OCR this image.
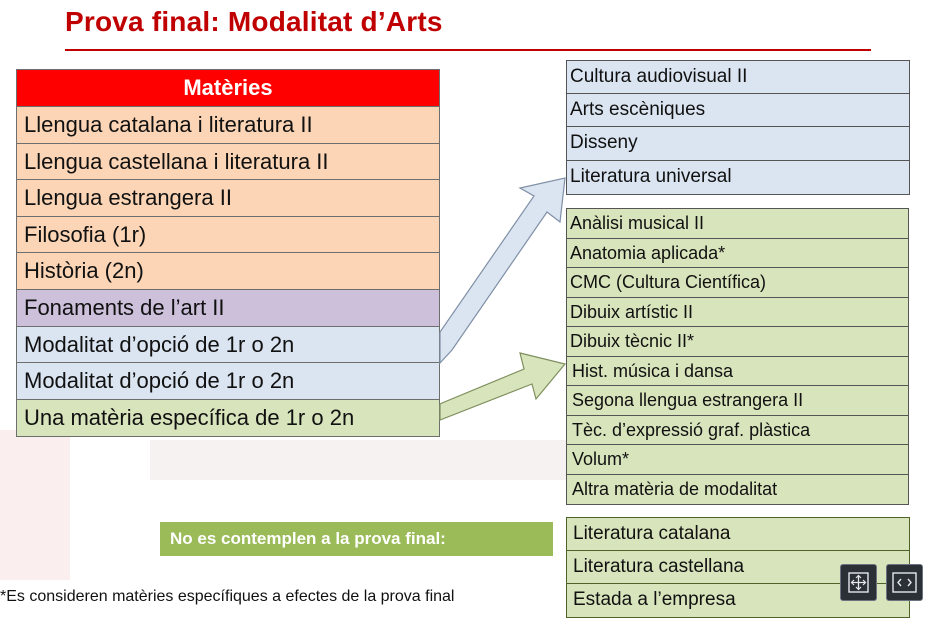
Prova final: Modalitat d’Arts
Matèries
Llengua catalana i literatura II
Llengua castellana i literatura II
Llengua estrangera II
Filosofia (1r)
Història (2n)
Fonaments de l’art II
Modalitat d’opció de 1r o 2n
Modalitat d’opció de 1r o 2n
Una matèria específica de 1r o 2n
Cultura audiovisual II
Arts escèniques
Disseny
Literatura universal
Anàlisi musical II
Anatomia aplicada*
CMC (Cultura Científica)
Dibuix artístic II
Dibuix tècnic II*
Hist. música i dansa
Segona llengua estrangera II
Tèc. d’expressió graf. plàstica
Volum*
Altra matèria de modalitat
No es contemplen a la prova final:	Literatura catalana
Literatura castellana
Estada a l’empresa
*Es consideren matèries específiques a efectes de la prova final
